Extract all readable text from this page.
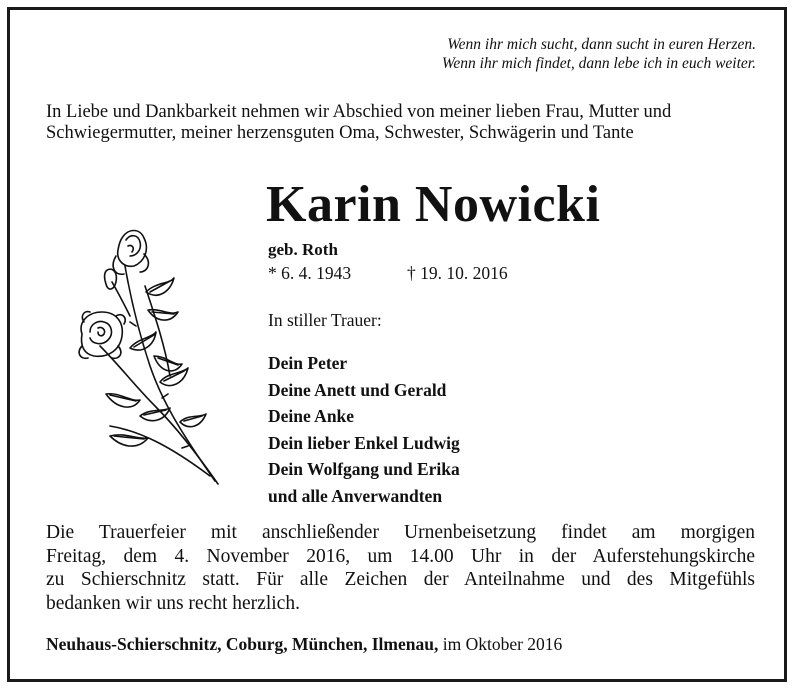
Wenn ihr mich sucht, dann sucht in euren Herzen.
Wenn ihr mich findet, dann lebe ich in euch weiter.
In Liebe und Dankbarkeit nehmen wir Abschied von meiner lieben Frau, Mutter und
Schwiegermutter, meiner herzensguten Oma, Schwester, Schwägerin und Tante
Karin Nowicki
geb. Roth
* 6. 4. 1943	† 19. 10. 2016
In stiller Trauer:
Dein Peter
Deine Anett und Gerald
Deine Anke
Dein lieber Enkel Ludwig
Dein Wolfgang und Erika
und alle Anverwandten
Die Trauerfeier mit anschließender Urnenbeisetzung findet am morgigen
Freitag, dem 4. November 2016, um 14.00 Uhr in der Auferstehungskirche
zu Schierschnitz statt. Für alle Zeichen der Anteilnahme und des Mitgefühls
bedanken wir uns recht herzlich.
Neuhaus-Schierschnitz, Coburg, München, Ilmenau, im Oktober 2016
